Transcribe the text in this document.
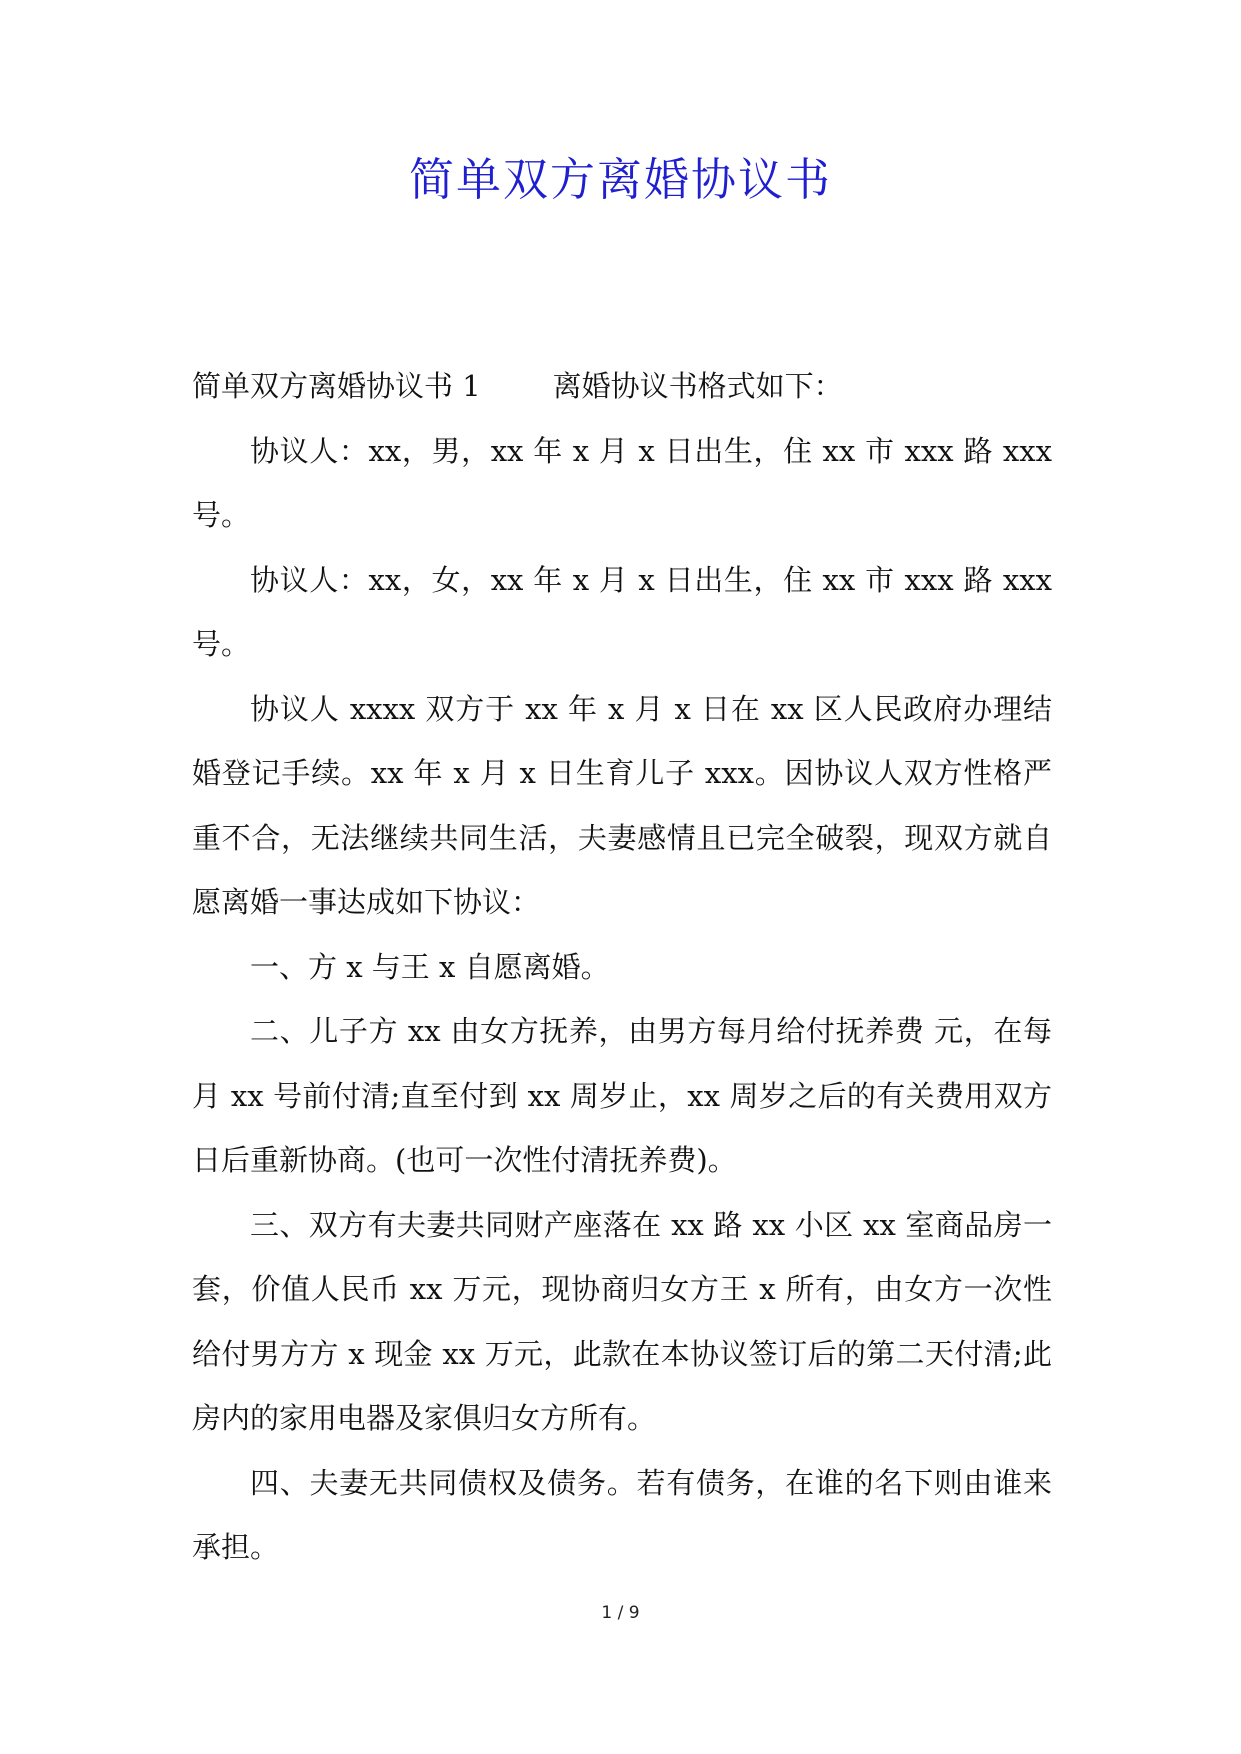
简单双方离婚协议书

简单双方离婚协议书 1 离婚协议书格式如下：

协议人：xx，男，xx 年 x 月 x 日出生，住 xx 市 xxx 路 xxx 号。

协议人：xx，女，xx 年 x 月 x 日出生，住 xx 市 xxx 路 xxx 号。

协议人 xxxx 双方于 xx 年 x 月 x 日在 xx 区人民政府办理结婚登记手续。xx 年 x 月 x 日生育儿子 xxx。因协议人双方性格严重不合，无法继续共同生活，夫妻感情且已完全破裂，现双方就自愿离婚一事达成如下协议：

一、方 x 与王 x 自愿离婚。

二、儿子方 xx 由女方抚养，由男方每月给付抚养费 元，在每月 xx 号前付清;直至付到 xx 周岁止，xx 周岁之后的有关费用双方日后重新协商。(也可一次性付清抚养费)。

三、双方有夫妻共同财产座落在 xx 路 xx 小区 xx 室商品房一套，价值人民币 xx 万元，现协商归女方王 x 所有，由女方一次性给付男方方 x 现金 xx 万元，此款在本协议签订后的第二天付清;此房内的家用电器及家俱归女方所有。

四、夫妻无共同债权及债务。若有债务，在谁的名下则由谁来承担。

1 / 9
